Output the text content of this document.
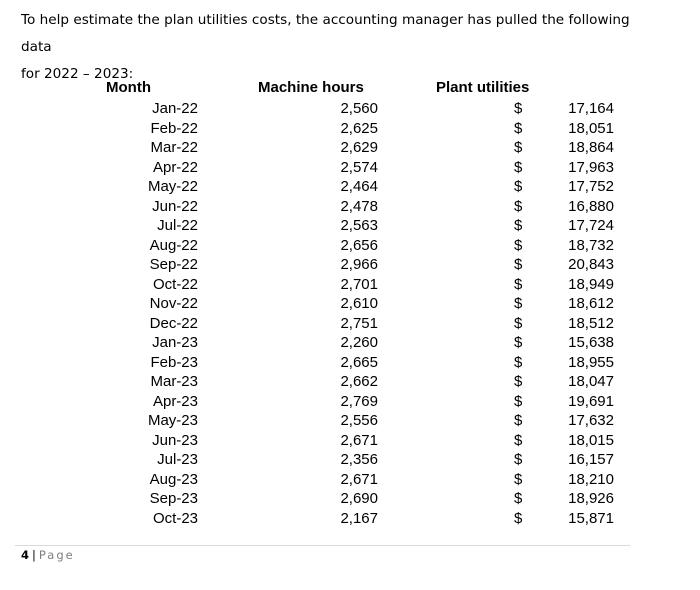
To help estimate the plan utilities costs, the accounting manager has pulled the following data
for 2022 – 2023:

Month	Machine hours	Plant utilities
Jan-22	2,560	$	17,164
Feb-22	2,625	$	18,051
Mar-22	2,629	$	18,864
Apr-22	2,574	$	17,963
May-22	2,464	$	17,752
Jun-22	2,478	$	16,880
Jul-22	2,563	$	17,724
Aug-22	2,656	$	18,732
Sep-22	2,966	$	20,843
Oct-22	2,701	$	18,949
Nov-22	2,610	$	18,612
Dec-22	2,751	$	18,512
Jan-23	2,260	$	15,638
Feb-23	2,665	$	18,955
Mar-23	2,662	$	18,047
Apr-23	2,769	$	19,691
May-23	2,556	$	17,632
Jun-23	2,671	$	18,015
Jul-23	2,356	$	16,157
Aug-23	2,671	$	18,210
Sep-23	2,690	$	18,926
Oct-23	2,167	$	15,871
4 | Page
